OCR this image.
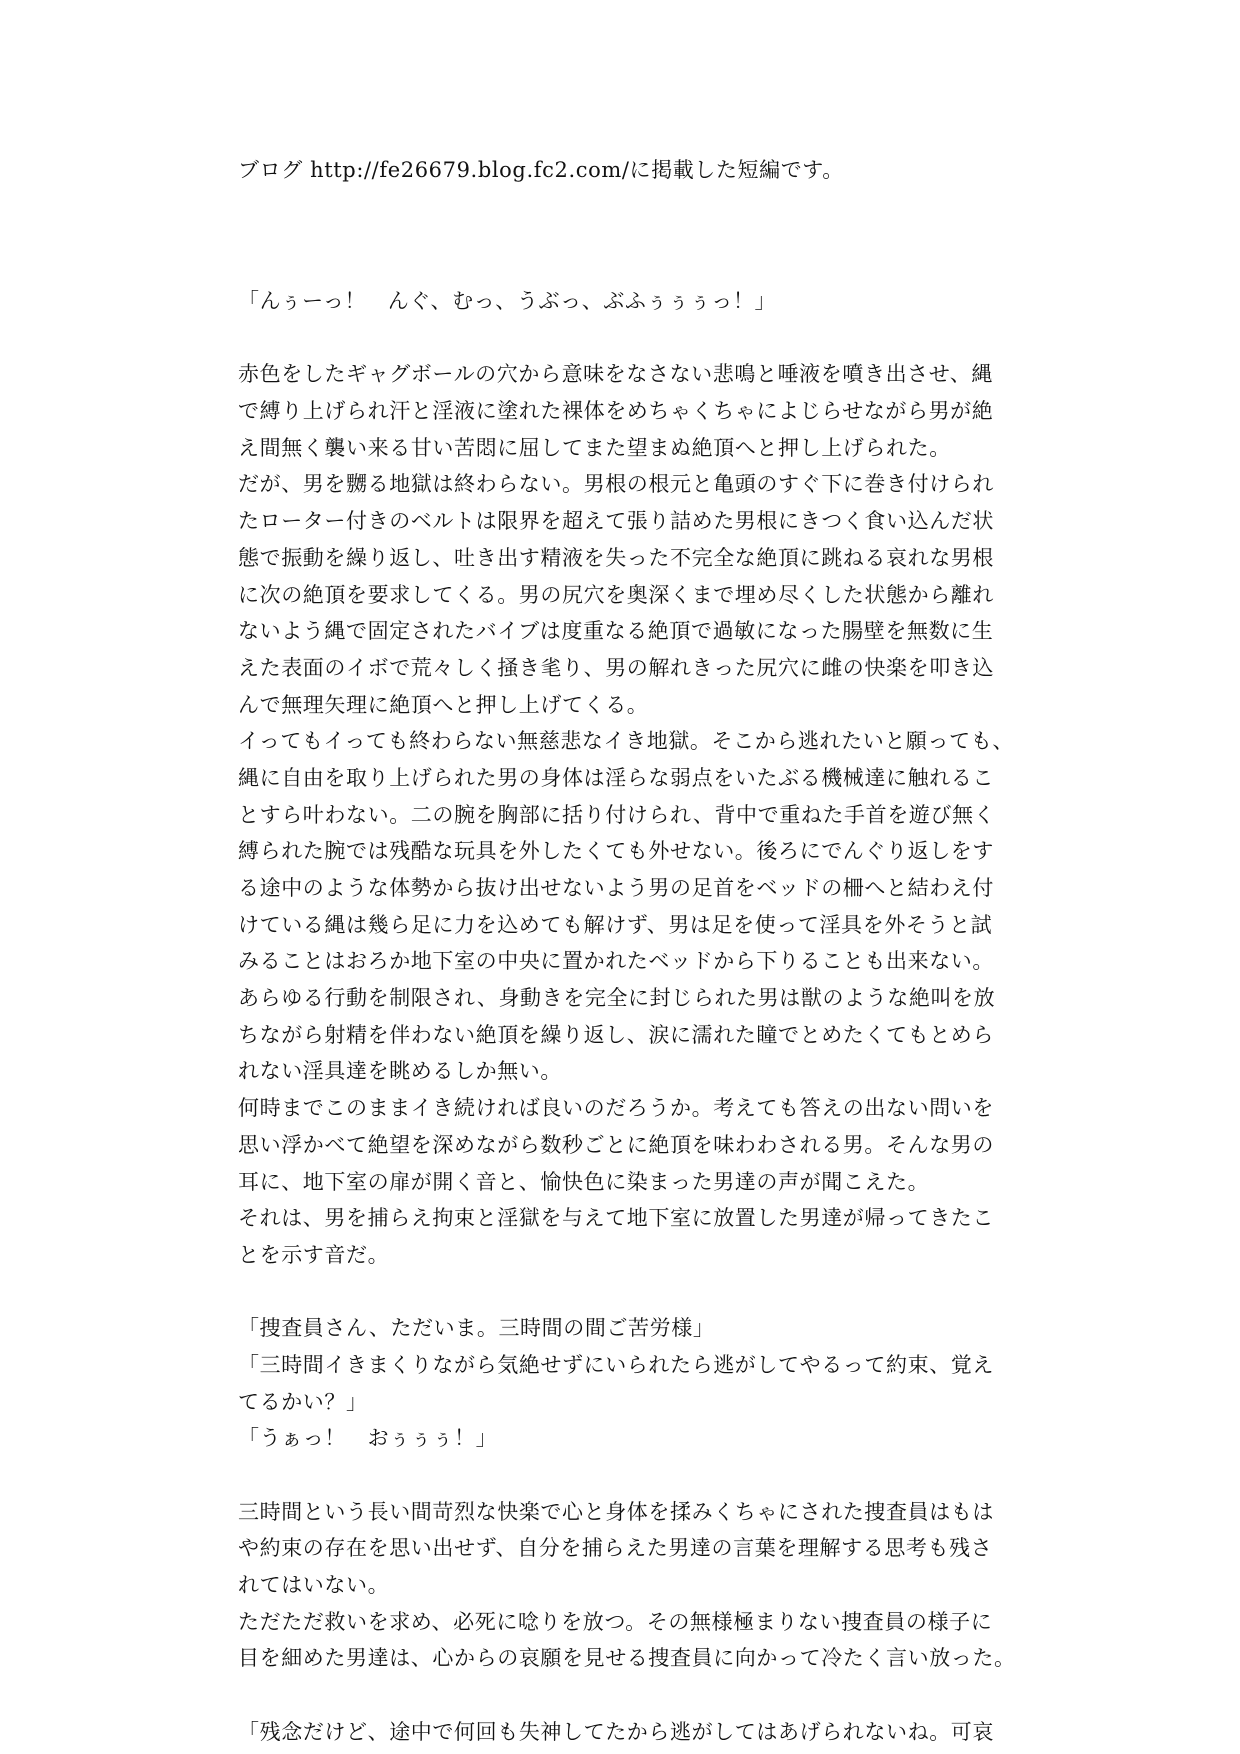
ブログ http://fe26679.blog.fc2.com/に掲載した短編です。
「んぅーっ！　んぐ、むっ、うぶっ、ぶふぅぅぅっ！」
赤色をしたギャグボールの穴から意味をなさない悲鳴と唾液を噴き出させ、縄
で縛り上げられ汗と淫液に塗れた裸体をめちゃくちゃによじらせながら男が絶
え間無く襲い来る甘い苦悶に屈してまた望まぬ絶頂へと押し上げられた。
だが、男を嬲る地獄は終わらない。男根の根元と亀頭のすぐ下に巻き付けられ
たローター付きのベルトは限界を超えて張り詰めた男根にきつく食い込んだ状
態で振動を繰り返し、吐き出す精液を失った不完全な絶頂に跳ねる哀れな男根
に次の絶頂を要求してくる。男の尻穴を奥深くまで埋め尽くした状態から離れ
ないよう縄で固定されたバイブは度重なる絶頂で過敏になった腸壁を無数に生
えた表面のイボで荒々しく掻き毟り、男の解れきった尻穴に雌の快楽を叩き込
んで無理矢理に絶頂へと押し上げてくる。
イってもイっても終わらない無慈悲なイき地獄。そこから逃れたいと願っても、
縄に自由を取り上げられた男の身体は淫らな弱点をいたぶる機械達に触れるこ
とすら叶わない。二の腕を胸部に括り付けられ、背中で重ねた手首を遊び無く
縛られた腕では残酷な玩具を外したくても外せない。後ろにでんぐり返しをす
る途中のような体勢から抜け出せないよう男の足首をベッドの柵へと結わえ付
けている縄は幾ら足に力を込めても解けず、男は足を使って淫具を外そうと試
みることはおろか地下室の中央に置かれたベッドから下りることも出来ない。
あらゆる行動を制限され、身動きを完全に封じられた男は獣のような絶叫を放
ちながら射精を伴わない絶頂を繰り返し、涙に濡れた瞳でとめたくてもとめら
れない淫具達を眺めるしか無い。
何時までこのままイき続ければ良いのだろうか。考えても答えの出ない問いを
思い浮かべて絶望を深めながら数秒ごとに絶頂を味わわされる男。そんな男の
耳に、地下室の扉が開く音と、愉快色に染まった男達の声が聞こえた。
それは、男を捕らえ拘束と淫獄を与えて地下室に放置した男達が帰ってきたこ
とを示す音だ。
「捜査員さん、ただいま。三時間の間ご苦労様」
「三時間イきまくりながら気絶せずにいられたら逃がしてやるって約束、覚え
てるかい？」
「うぁっ！　おぅぅぅ！」
三時間という長い間苛烈な快楽で心と身体を揉みくちゃにされた捜査員はもは
や約束の存在を思い出せず、自分を捕らえた男達の言葉を理解する思考も残さ
れてはいない。
ただただ救いを求め、必死に唸りを放つ。その無様極まりない捜査員の様子に
目を細めた男達は、心からの哀願を見せる捜査員に向かって冷たく言い放った。
「残念だけど、途中で何回も失神してたから逃がしてはあげられないね。可哀
